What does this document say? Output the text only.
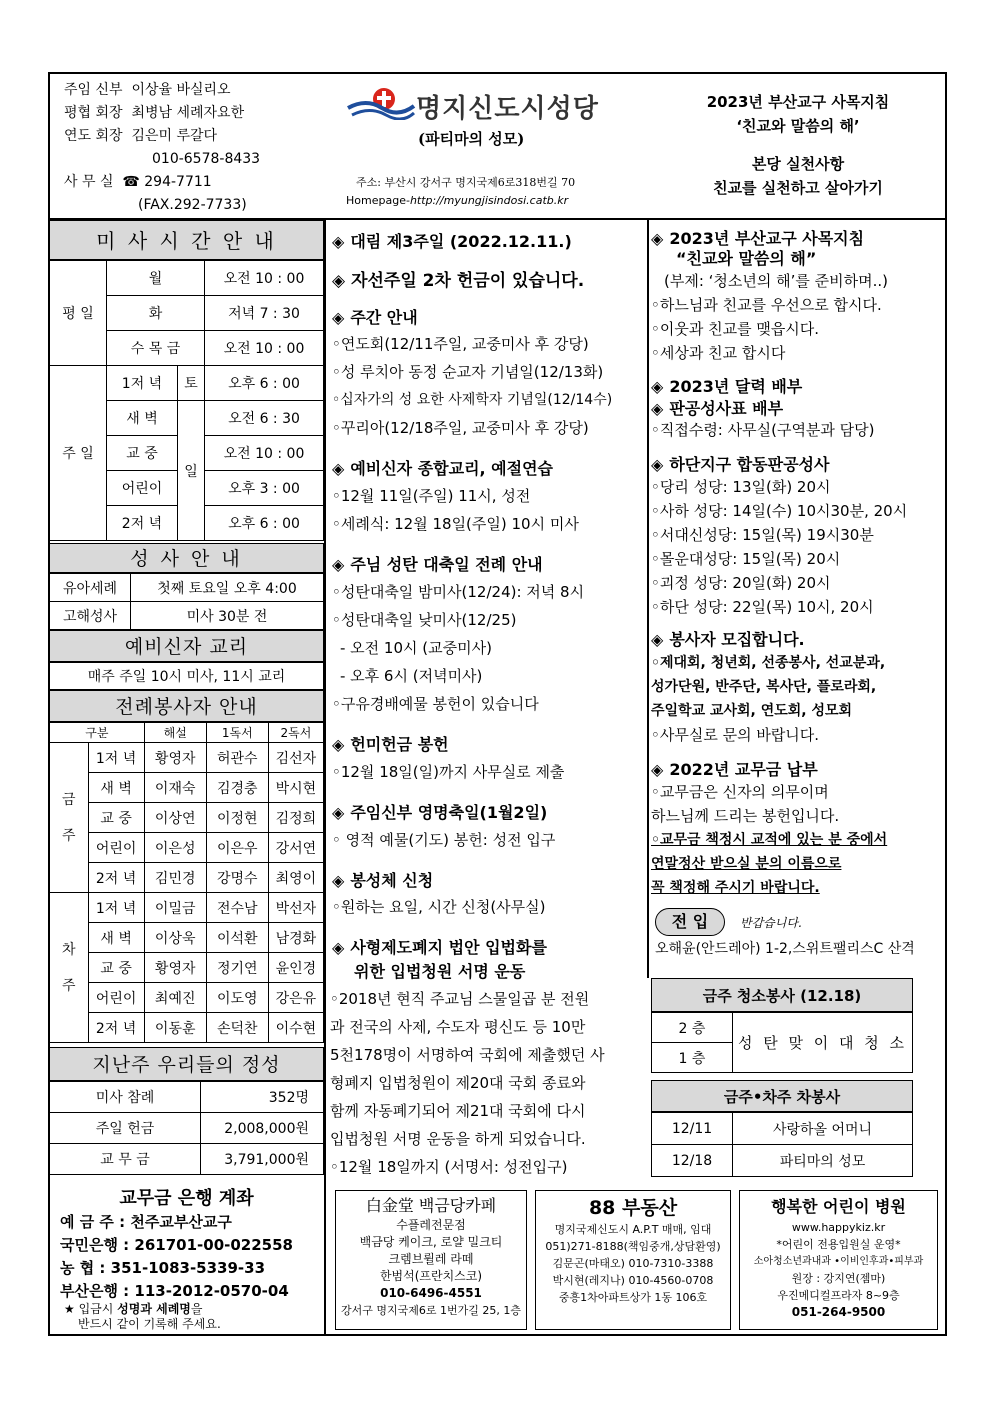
주임 신부 이상율 바실리오
평협 회장 최병남 세례자요한
연도 회장 김은미 루갈다
010-6578-8433
사 무 실 ☎ 294-7711
(FAX.292-7733)
명지신도시성당
(파티마의 성모)
주소: 부산시 강서구 명지국제6로318번길 70
Homepage-http://myungjisindosi.catb.kr
2023년 부산교구 사목지침
‘친교와 말씀의 해’
본당 실천사항
친교를 실천하고 살아가기
미 사 시 간 안 내
평 일	월		오전 10 : 00
	화		저녁 7 : 30
	수 목 금		오전 10 : 00
주 일	1저 녁	토	오후 6 : 00
	새 벽	일	오전 6 : 30
	교 중		오전 10 : 00
	어린이		오후 3 : 00
	2저 녁		오후 6 : 00
성 사 안 내
유아세례	첫째 토요일 오후 4:00
고해성사	미사 30분 전
예비신자 교리
매주 주일 10시 미사, 11시 교리
전례봉사자 안내
구분		해설	1독서	2독서
금
주	1저 녁	황영자	허관수	김선자
	새 벽	이재숙	김경충	박시현
	교 중	이상연	이정현	김정희
	어린이	이은성	이은우	강서연
	2저 녁	김민경	강명수	최영이
차
주	1저 녁	이밀금	전수남	박선자
	새 벽	이상욱	이석환	남경화
	교 중	황영자	정기연	윤인경
	어린이	최예진	이도영	강은유
	2저 녁	이동훈	손덕찬	이수현
지난주 우리들의 정성
미사 참례	352명
주일 헌금	2,008,000원
교 무 금	3,791,000원
교무금 은행 계좌
예 금 주 : 천주교부산교구
국민은행 : 261701-00-022558
농 협 : 351-1083-5339-33
부산은행 : 113-2012-0570-04
★ 입금시 성명과 세례명을
반드시 같이 기록해 주세요.
◈ 대림 제3주일 (2022.12.11.)
◈ 자선주일 2차 헌금이 있습니다.
◈ 주간 안내
◦연도회(12/11주일, 교중미사 후 강당)
◦성 루치아 동정 순교자 기념일(12/13화)
◦십자가의 성 요한 사제학자 기념일(12/14수)
◦꾸리아(12/18주일, 교중미사 후 강당)
◈ 예비신자 종합교리, 예절연습
◦12월 11일(주일) 11시, 성전
◦세례식: 12월 18일(주일) 10시 미사
◈ 주님 성탄 대축일 전례 안내
◦성탄대축일 밤미사(12/24): 저녁 8시
◦성탄대축일 낮미사(12/25)
- 오전 10시 (교중미사)
- 오후 6시 (저녁미사)
◦구유경배예물 봉헌이 있습니다
◈ 헌미헌금 봉헌
◦12월 18일(일)까지 사무실로 제출
◈ 주임신부 영명축일(1월2일)
◦ 영적 예물(기도) 봉헌: 성전 입구
◈ 봉성체 신청
◦원하는 요일, 시간 신청(사무실)
◈ 사형제도폐지 법안 입법화를
위한 입법청원 서명 운동
◦2018년 현직 주교님 스물일곱 분 전원
과 전국의 사제, 수도자 평신도 등 10만
5천178명이 서명하여 국회에 제출했던 사
형폐지 입법청원이 제20대 국회 종료와
함께 자동폐기되어 제21대 국회에 다시
입법청원 서명 운동을 하게 되었습니다.
◦12월 18일까지 (서명서: 성전입구)
◈ 2023년 부산교구 사목지침
“친교와 말씀의 해”
(부제: ‘청소년의 해’를 준비하며..)
◦하느님과 친교를 우선으로 합시다.
◦이웃과 친교를 맺읍시다.
◦세상과 친교 합시다
◈ 2023년 달력 배부
◈ 판공성사표 배부
◦직접수령: 사무실(구역분과 담당)
◈ 하단지구 합동판공성사
◦당리 성당: 13일(화) 20시
◦사하 성당: 14일(수) 10시30분, 20시
◦서대신성당: 15일(목) 19시30분
◦몰운대성당: 15일(목) 20시
◦괴정 성당: 20일(화) 20시
◦하단 성당: 22일(목) 10시, 20시
◈ 봉사자 모집합니다.
◦제대회, 청년회, 선종봉사, 선교분과,
성가단원, 반주단, 복사단, 플로라회,
주일학교 교사회, 연도회, 성모회
◦사무실로 문의 바랍니다.
◈ 2022년 교무금 납부
◦교무금은 신자의 의무이며
하느님께 드리는 봉헌입니다.
◦교무금 책정시 교적에 있는 분 중에서
연말정산 받으실 분의 이름으로
꼭 책정해 주시기 바랍니다.
전 입	반갑습니다.
오해윤(안드레아) 1-2,스위트팰리스C 산격
금주 청소봉사 (12.18)
2 층	성 탄 맞 이 대 청 소
1 층
금주•차주 차봉사
12/11	사랑하올 어머니
12/18	파티마의 성모
白金堂 백금당카페
수플레전문점
백금당 케이크, 로얄 밀크티
크렘브륄레 라떼
한범석(프란치스코)
010-6496-4551
강서구 명지국제6로 1번가길 25, 1층
88 부동산
명지국제신도시 A.P.T 매매, 임대
051)271-8188(책임중개,상담환영)
김문곤(마태오) 010-7310-3388
박시현(레지나) 010-4560-0708
중흥1차아파트상가 1동 106호
행복한 어린이 병원
www.happykiz.kr
*어린이 전용입원실 운영*
소아청소년과내과 •이비인후과•피부과
원장 : 강지연(젬마)
우진메디컬프라자 8~9층
051-264-9500
